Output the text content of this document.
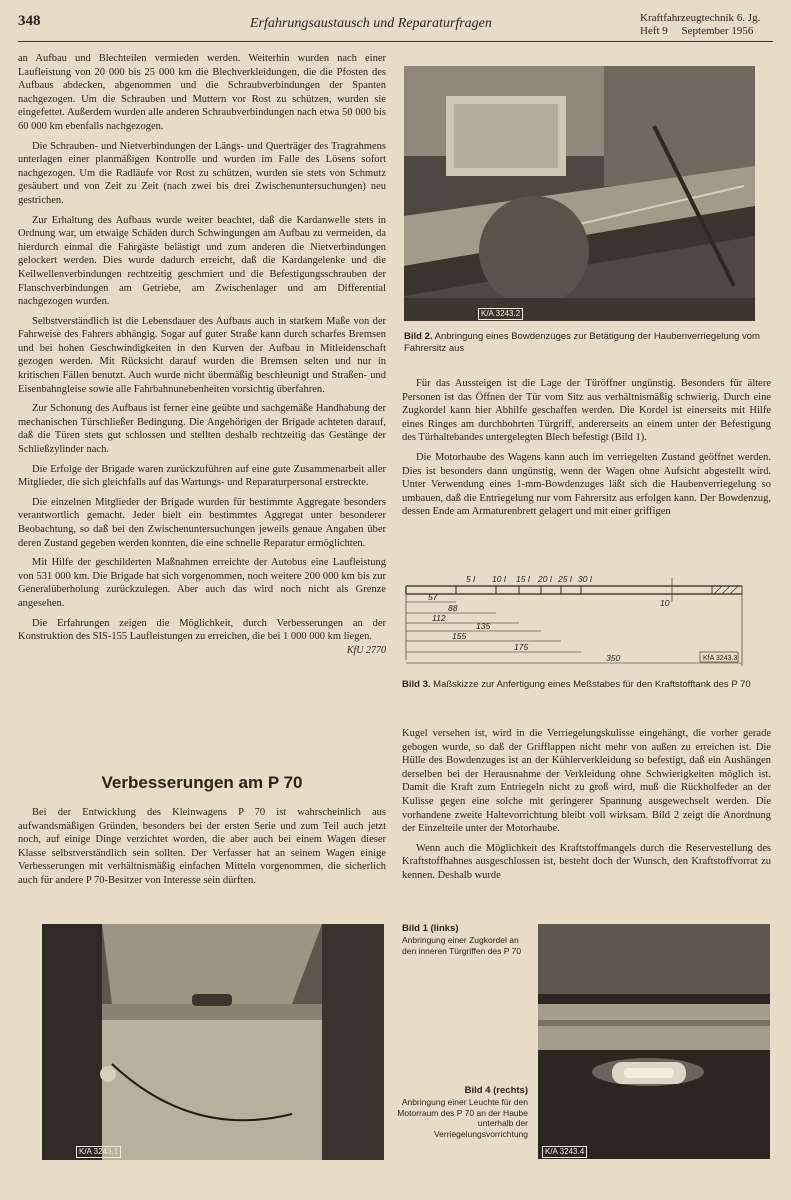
348	Erfahrungsaustausch und Reparaturfragen	Kraftfahrzeugtechnik 6. Jg.
Heft 9     September 1956

an Aufbau und Blechteilen vermieden werden. Weiterhin wurden nach einer Laufleistung von 20 000 bis 25 000 km die Blechverkleidungen, die die Pfosten des Aufbaus abdecken, abgenommen und die Schraubverbindungen der Spanten nachgezogen. Um die Schrauben und Muttern vor Rost zu schützen, wurden sie eingefettet. Außerdem wurden alle anderen Schraubverbindungen nach etwa 50 000 bis 60 000 km ebenfalls nachgezogen.

Die Schrauben- und Nietverbindungen der Längs- und Querträger des Tragrahmens unterlagen einer planmäßigen Kontrolle und wurden im Falle des Lösens sofort nachgezogen. Um die Radläufe vor Rost zu schützen, wurden sie stets von Schmutz gesäubert und von Zeit zu Zeit (nach zwei bis drei Zwischenuntersuchungen) neu gestrichen.

Zur Erhaltung des Aufbaus wurde weiter beachtet, daß die Kardanwelle stets in Ordnung war, um etwaige Schäden durch Schwingungen am Aufbau zu vermeiden, da hierdurch einmal die Fahrgäste belästigt und zum anderen die Nietverbindungen gelockert werden. Dies wurde dadurch erreicht, daß die Kardangelenke und die Keilwellenverbindungen rechtzeitig geschmiert und die Befestigungsschrauben der Flanschverbindungen am Getriebe, am Zwischenlager und am Differential nachgezogen wurden.

Selbstverständlich ist die Lebensdauer des Aufbaus auch in starkem Maße von der Fahrweise des Fahrers abhängig. Sogar auf guter Straße kann durch scharfes Bremsen und bei hohen Geschwindigkeiten in den Kurven der Aufbau in Mitleidenschaft gezogen werden. Mit Rücksicht darauf wurden die Bremsen selten und nur in kritischen Fällen benutzt. Auch wurde nicht übermäßig beschleunigt und Straßen- und Eisenbahngleise sowie alle Fahrbahnunebenheiten vorsichtig überfahren.

Zur Schonung des Aufbaus ist ferner eine geübte und sachgemäße Handhabung der mechanischen Türschließer Bedingung. Die Angehörigen der Brigade achteten darauf, daß die Türen stets gut schlossen und stellten deshalb rechtzeitig das Gestänge der Schließzylinder nach.

Die Erfolge der Brigade waren zurückzuführen auf eine gute Zusammenarbeit aller Mitglieder, die sich gleichfalls auf das Wartungs- und Reparaturpersonal erstreckte.

Die einzelnen Mitglieder der Brigade wurden für bestimmte Aggregate besonders verantwortlich gemacht. Jeder bielt ein bestimmtes Aggregat unter besonderer Beobachtung, so daß bei den Zwischenuntersuchungen jeweils genaue Angaben über deren Zustand gegeben werden konnten, die eine schnelle Reparatur ermöglichten.

Mit Hilfe der geschilderten Maßnahmen erreichte der Autobus eine Laufleistung von 531 000 km. Die Brigade hat sich vorgenommen, noch weitere 200 000 km bis zur Generalüberholung zurückzulegen. Aber auch das wird noch nicht als Grenze angesehen.

Die Erfahrungen zeigen die Möglichkeit, durch Verbesserungen an der Konstruktion des SIS-155 Laufleistungen zu erreichen, die bei 1 000 000 km liegen.
KfU 2770

Verbesserungen am P 70

Bei der Entwicklung des Kleinwagens P 70 ist wahrscheinlich aus aufwandsmäßigen Gründen, besonders bei der ersten Serie und zum Teil auch jetzt noch, auf einige Dinge verzichtet worden, die aber auch bei einem Wagen dieser Klasse selbstverständlich sein sollten. Der Verfasser hat an seinem Wagen einige Verbesserungen mit verhältnismäßig einfachen Mitteln vorgenommen, die sicherlich auch für andere P 70-Besitzer von Interesse sein dürften.

K/A 3243.2
Bild 2. Anbringung eines Bowdenzuges zur Betätigung der Haubenverriegelung vom Fahrersitz aus

Für das Aussteigen ist die Lage der Türöffner ungünstig. Besonders für ältere Personen ist das Öffnen der Tür vom Sitz aus verhältnismäßig schwierig. Durch eine Zugkordel kann hier Abhilfe geschaffen werden. Die Kordel ist einerseits mit Hilfe eines Ringes am durchbohrten Türgriff, andererseits an einem unter der Befestigung des Türhaltebandes untergelegten Blech befestigt (Bild 1).

Die Motorhaube des Wagens kann auch im verriegelten Zustand geöffnet werden. Dies ist besonders dann ungünstig, wenn der Wagen ohne Aufsicht abgestellt wird. Unter Verwendung eines 1-mm-Bowdenzuges läßt sich die Haubenverriegelung so umbauen, daß die Entriegelung nur vom Fahrersitz aus erfolgen kann. Der Bowdenzug, dessen Ende am Armaturenbrett gelagert und mit einer griffigen

5 l 10 l 15 l 20 l 25 l 30 l
57
88
112
135
155
175
350
10
KfA 3243.3
Bild 3. Maßskizze zur Anfertigung eines Meßstabes für den Kraftstofftank des P 70

Kugel versehen ist, wird in die Verriegelungskulisse eingehängt, die vorher gerade gebogen wurde, so daß der Grifflappen nicht mehr von außen zu erreichen ist. Die Hülle des Bowdenzuges ist an der Kühlerverkleidung so befestigt, daß ein Aushängen derselben bei der Herausnahme der Verkleidung ohne Schwierigkeiten möglich ist. Damit die Kraft zum Entriegeln nicht zu groß wird, muß die Rückholfeder an der Kulisse gegen eine solche mit geringerer Spannung ausgewechselt werden. Die vorhandene zweite Haltevorrichtung bleibt voll wirksam. Bild 2 zeigt die Anordnung der Einzelteile unter der Motorhaube.

Wenn auch die Möglichkeit des Kraftstoffmangels durch die Reservestellung des Kraftstoffhahnes ausgeschlossen ist, besteht doch der Wunsch, den Kraftstoffvorrat zu kennen. Deshalb wurde

K/A 3243.1
Bild 1 (links)
Anbringung einer Zugkordel an den inneren Türgriffen des P 70
K/A 3243.4
Bild 4 (rechts)
Anbringung einer Leuchte für den Motorraum des P 70 an der Haube unterhalb der Verriegelungsvorrichtung
